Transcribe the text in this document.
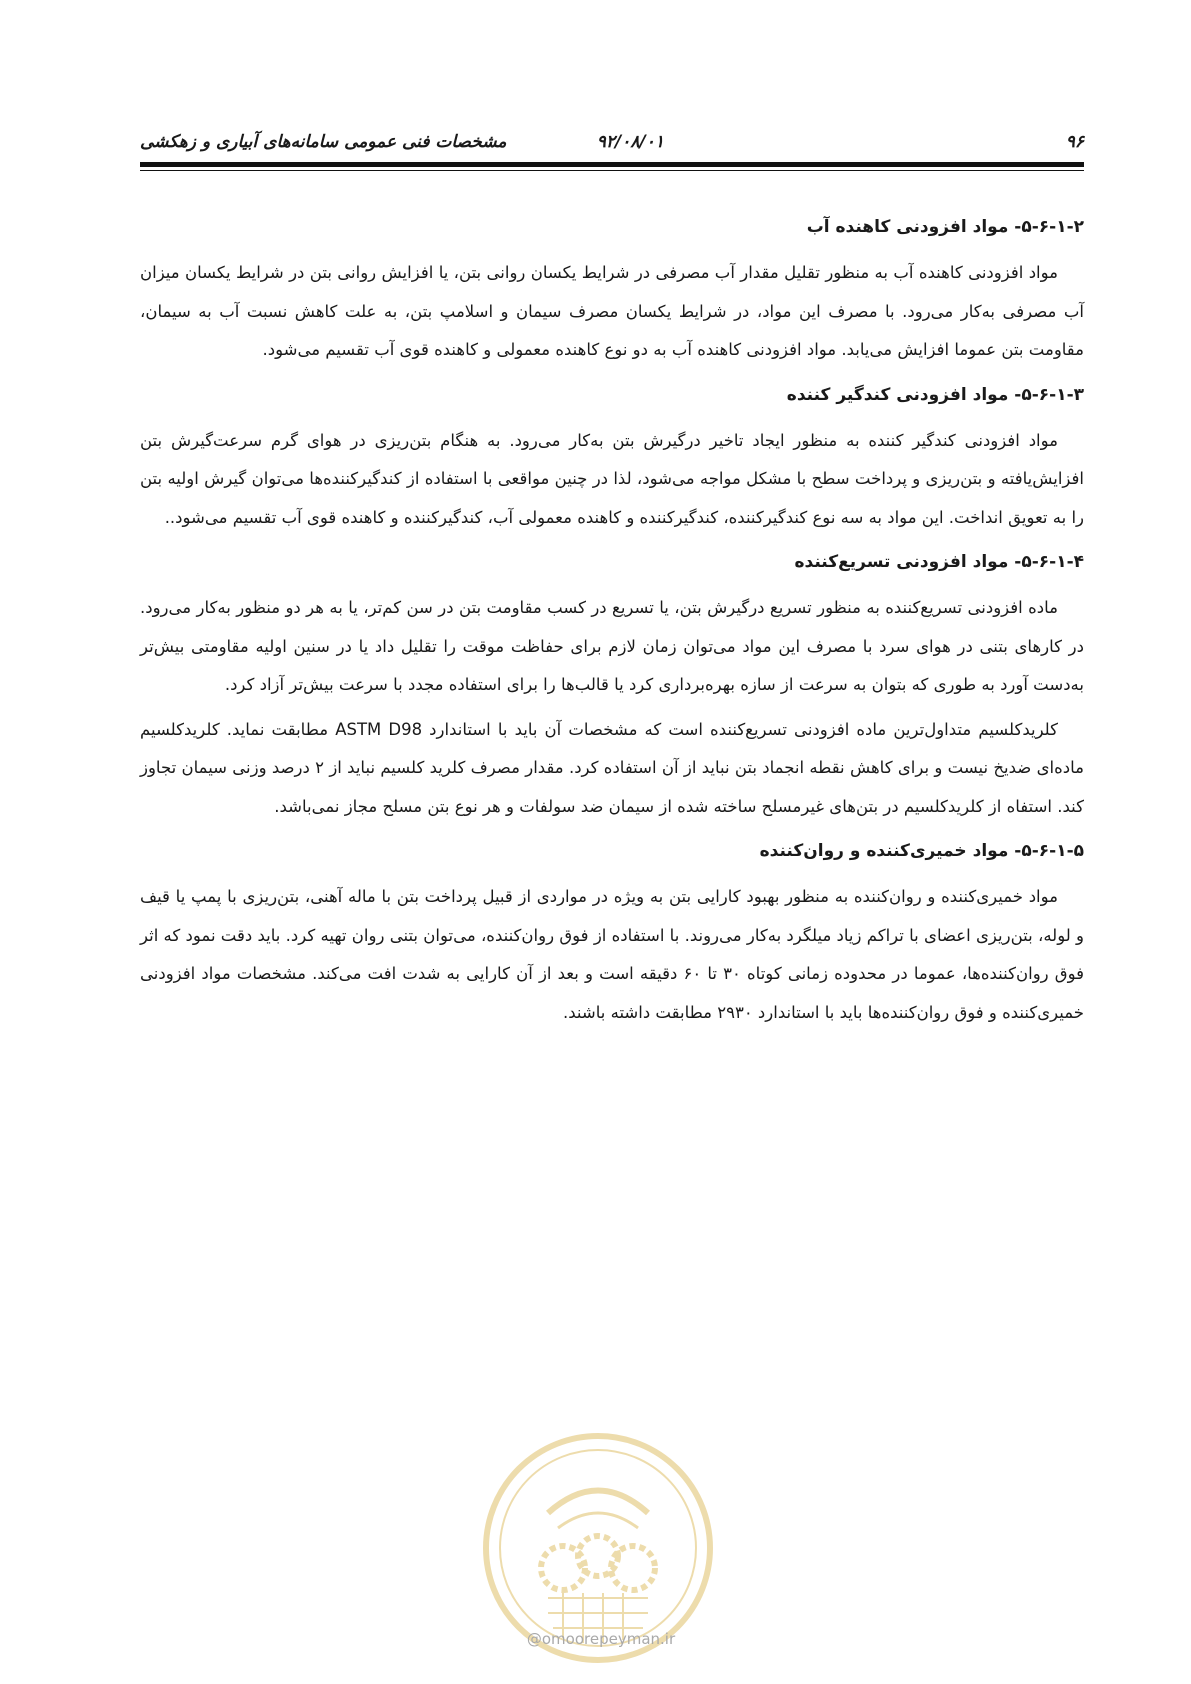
۹۶
۹۲/۰۸/۰۱
مشخصات فنی عمومی سامانه‌های آبیاری و زهکشی
۵-۶-۱-۲- مواد افزودنی کاهنده آب

مواد افزودنی کاهنده آب به منظور تقلیل مقدار آب مصرفی در شرایط یکسان روانی بتن، یا افزایش روانی بتن در شرایط یکسان میزان آب مصرفی به‌کار می‌رود. با مصرف این مواد، در شرایط یکسان مصرف سیمان و اسلامپ بتن، به علت کاهش نسبت آب به سیمان، مقاومت بتن عموما افزایش می‌یابد. مواد افزودنی کاهنده آب به دو نوع کاهنده معمولی و کاهنده قوی آب تقسیم می‌شود.

۵-۶-۱-۳- مواد افزودنی کندگیر کننده

مواد افزودنی کندگیر کننده به منظور ایجاد تاخیر درگیرش بتن به‌کار می‌رود. به هنگام بتن‌ریزی در هوای گرم سرعت‌گیرش بتن افزایش‌یافته و بتن‌ریزی و پرداخت سطح با مشکل مواجه می‌شود، لذا در چنین مواقعی با استفاده از کندگیرکننده‌ها می‌توان گیرش اولیه بتن را به تعویق انداخت. این مواد به سه نوع کندگیرکننده، کندگیرکننده و کاهنده معمولی آب، کندگیرکننده و کاهنده قوی آب تقسیم می‌شود..

۵-۶-۱-۴- مواد افزودنی تسریع‌کننده

ماده افزودنی تسریع‌کننده به منظور تسریع درگیرش بتن، یا تسریع در کسب مقاومت بتن در سن کم‌تر، یا به هر دو منظور به‌کار می‌رود. در کارهای بتنی در هوای سرد با مصرف این مواد می‌توان زمان لازم برای حفاظت موقت را تقلیل داد یا در سنین اولیه مقاومتی بیش‌تر به‌دست آورد به طوری که بتوان به سرعت از سازه بهره‌برداری کرد یا قالب‌ها را برای استفاده مجدد با سرعت بیش‌تر آزاد کرد.

کلریدکلسیم متداول‌ترین ماده افزودنی تسریع‌کننده است که مشخصات آن باید با استاندارد ASTM D98 مطابقت نماید. کلریدکلسیم ماده‌ای ضدیخ نیست و برای کاهش نقطه انجماد بتن نباید از آن استفاده کرد. مقدار مصرف کلرید کلسیم نباید از ۲ درصد وزنی سیمان تجاوز کند. استفاه از کلریدکلسیم در بتن‌های غیرمسلح ساخته شده از سیمان ضد سولفات و هر نوع بتن مسلح مجاز نمی‌باشد.

۵-۶-۱-۵- مواد خمیری‌کننده و روان‌کننده

مواد خمیری‌کننده و روان‌کننده به منظور بهبود کارایی بتن به ویژه در مواردی از قبیل پرداخت بتن با ماله آهنی، بتن‌ریزی با پمپ یا قیف و لوله، بتن‌ریزی اعضای با تراکم زیاد میلگرد به‌کار می‌روند. با استفاده از فوق روان‌کننده، می‌توان بتنی روان تهیه کرد. باید دقت نمود که اثر فوق روان‌کننده‌ها، عموما در محدوده زمانی کوتاه ۳۰ تا ۶۰ دقیقه است و بعد از آن کارایی به شدت افت می‌کند. مشخصات مواد افزودنی خمیری‌کننده و فوق روان‌کننده‌ها باید با استاندارد ۲۹۳۰ مطابقت داشته باشند.

@omoorepeyman.ir
